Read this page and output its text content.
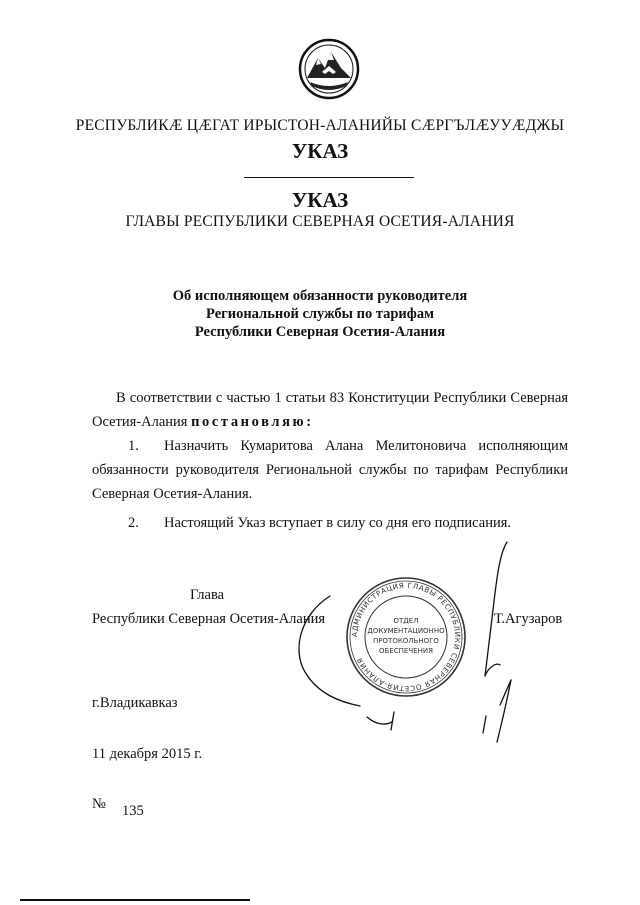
РЕСПУБЛИКӔ ЦӔГАТ ИРЫСТОН-АЛАНИЙЫ СӔРГЪЛӔУУӔДЖЫ
УКАЗ
УКАЗ
ГЛАВЫ РЕСПУБЛИКИ СЕВЕРНАЯ ОСЕТИЯ-АЛАНИЯ
Об исполняющем обязанности руководителя
Региональной службы по тарифам
Республики Северная Осетия-Алания
В соответствии с частью 1 статьи 83 Конституции Республики Северная Осетия-Алания постановляю:
1. Назначить Кумаритова Алана Мелитоновича исполняющим обязанности руководителя Региональной службы по тарифам Республики Северная Осетия-Алания.
2. Настоящий Указ вступает в силу со дня его подписания.
Глава
Республики Северная Осетия-Алания	Т.Агузаров
АДМИНИСТРАЦИЯ ГЛАВЫ РЕСПУБЛИКИ СЕВЕРНАЯ ОСЕТИЯ-АЛАНИЯ
ОТДЕЛ
ДОКУМЕНТАЦИОННО
ПРОТОКОЛЬНОГО
ОБЕСПЕЧЕНИЯ
г.Владикавказ
11 декабря 2015 г.
№ 135
